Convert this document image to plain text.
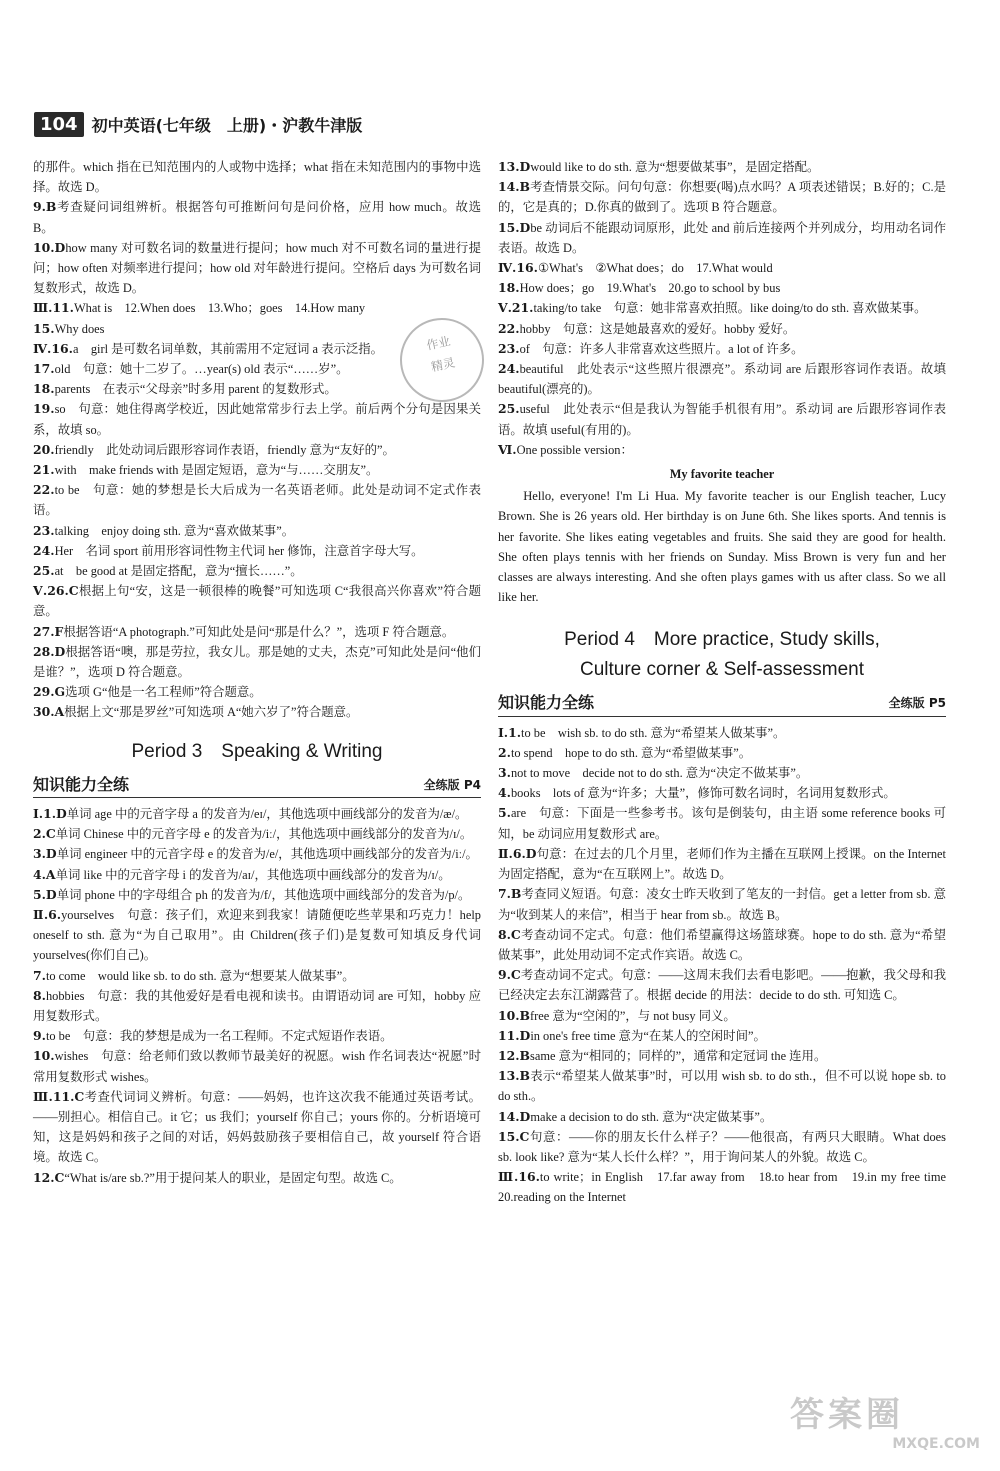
104 初中英语(七年级　上册)・沪教牛津版

的那件。which 指在已知范围内的人或物中选择；what 指在未知范围内的事物中选择。故选 D。

9.B考查疑问词组辨析。根据答句可推断问句是问价格，应用 how much。故选 B。

10.Dhow many 对可数名词的数量进行提问；how much 对不可数名词的量进行提问；how often 对频率进行提问；how old 对年龄进行提问。空格后 days 为可数名词复数形式，故选 D。

Ⅲ.11.What is　12.When does　13.Who；goes　14.How many

15.Why does

Ⅳ.16.a　girl 是可数名词单数，其前需用不定冠词 a 表示泛指。

17.old　句意：她十二岁了。…year(s) old 表示“……岁”。

18.parents　在表示“父母亲”时多用 parent 的复数形式。

19.so　句意：她住得离学校近，因此她常常步行去上学。前后两个分句是因果关系，故填 so。

20.friendly　此处动词后跟形容词作表语，friendly 意为“友好的”。

21.with　make friends with 是固定短语，意为“与……交朋友”。

22.to be　句意：她的梦想是长大后成为一名英语老师。此处是动词不定式作表语。

23.talking　enjoy doing sth. 意为“喜欢做某事”。

24.Her　名词 sport 前用形容词性物主代词 her 修饰，注意首字母大写。

25.at　be good at 是固定搭配，意为“擅长……”。

Ⅴ.26.C根据上句“安，这是一顿很棒的晚餐”可知选项 C“我很高兴你喜欢”符合题意。

27.F根据答语“A photograph.”可知此处是问“那是什么？”，选项 F 符合题意。

28.D根据答语“噢，那是劳拉，我女儿。那是她的丈夫，杰克”可知此处是问“他们是谁？”，选项 D 符合题意。

29.G选项 G“他是一名工程师”符合题意。

30.A根据上文“那是罗丝”可知选项 A“她六岁了”符合题意。

Period 3　Speaking & Writing
知识能力全练	全练版 P4

Ⅰ.1.D单词 age 中的元音字母 a 的发音为/eɪ/，其他选项中画线部分的发音为/æ/。

2.C单词 Chinese 中的元音字母 e 的发音为/iː/，其他选项中画线部分的发音为/ɪ/。

3.D单词 engineer 中的元音字母 e 的发音为/e/，其他选项中画线部分的发音为/iː/。

4.A单词 like 中的元音字母 i 的发音为/aɪ/，其他选项中画线部分的发音为/ɪ/。

5.D单词 phone 中的字母组合 ph 的发音为/f/，其他选项中画线部分的发音为/p/。

Ⅱ.6.yourselves　句意：孩子们，欢迎来到我家！请随便吃些苹果和巧克力！help oneself to sth. 意为“为自己取用”。由 Children(孩子们)是复数可知填反身代词 yourselves(你们自己)。

7.to come　would like sb. to do sth. 意为“想要某人做某事”。

8.hobbies　句意：我的其他爱好是看电视和读书。由谓语动词 are 可知，hobby 应用复数形式。

9.to be　句意：我的梦想是成为一名工程师。不定式短语作表语。

10.wishes　句意：给老师们致以教师节最美好的祝愿。wish 作名词表达“祝愿”时常用复数形式 wishes。

Ⅲ.11.C考查代词词义辨析。句意：——妈妈，也许这次我不能通过英语考试。——别担心。相信自己。it 它；us 我们；yourself 你自己；yours 你的。分析语境可知，这是妈妈和孩子之间的对话，妈妈鼓励孩子要相信自己，故 yourself 符合语境。故选 C。

12.C“What is/are sb.?”用于提问某人的职业，是固定句型。故选 C。

13.Dwould like to do sth. 意为“想要做某事”，是固定搭配。

14.B考查情景交际。问句句意：你想要(喝)点水吗？A 项表述错误；B.好的；C.是的，它是真的；D.你真的做到了。选项 B 符合题意。

15.Dbe 动词后不能跟动词原形，此处 and 前后连接两个并列成分，均用动名词作表语。故选 D。

Ⅳ.16.①What's　②What does；do　17.What would

18.How does；go　19.What's　20.go to school by bus

Ⅴ.21.taking/to take　句意：她非常喜欢拍照。like doing/to do sth. 喜欢做某事。

22.hobby　句意：这是她最喜欢的爱好。hobby 爱好。

23.of　句意：许多人非常喜欢这些照片。a lot of 许多。

24.beautiful　此处表示“这些照片很漂亮”。系动词 are 后跟形容词作表语。故填 beautiful(漂亮的)。

25.useful　此处表示“但是我认为智能手机很有用”。系动词 are 后跟形容词作表语。故填 useful(有用的)。

Ⅵ.One possible version：

My favorite teacher

Hello, everyone! I'm Li Hua. My favorite teacher is our English teacher, Lucy Brown. She is 26 years old. Her birthday is on June 6th. She likes sports. And tennis is her favorite. She likes eating vegetables and fruits. She said they are good for health. She often plays tennis with her friends on Sunday. Miss Brown is very fun and her classes are always interesting. And she often plays games with us after class. So we all like her.

Period 4　More practice, Study skills,
Culture corner & Self-assessment
知识能力全练	全练版 P5

Ⅰ.1.to be　wish sb. to do sth. 意为“希望某人做某事”。

2.to spend　hope to do sth. 意为“希望做某事”。

3.not to move　decide not to do sth. 意为“决定不做某事”。

4.books　lots of 意为“许多；大量”，修饰可数名词时，名词用复数形式。

5.are　句意：下面是一些参考书。该句是倒装句，由主语 some reference books 可知，be 动词应用复数形式 are。

Ⅱ.6.D句意：在过去的几个月里，老师们作为主播在互联网上授课。on the Internet 为固定搭配，意为“在互联网上”。故选 D。

7.B考查同义短语。句意：凌女士昨天收到了笔友的一封信。get a letter from sb. 意为“收到某人的来信”，相当于 hear from sb.。故选 B。

8.C考查动词不定式。句意：他们希望赢得这场篮球赛。hope to do sth. 意为“希望做某事”，此处用动词不定式作宾语。故选 C。

9.C考查动词不定式。句意：——这周末我们去看电影吧。——抱歉，我父母和我已经决定去东江湖露营了。根据 decide 的用法：decide to do sth. 可知选 C。

10.Bfree 意为“空闲的”，与 not busy 同义。

11.Din one's free time 意为“在某人的空闲时间”。

12.Bsame 意为“相同的；同样的”，通常和定冠词 the 连用。

13.B表示“希望某人做某事”时，可以用 wish sb. to do sth.，但不可以说 hope sb. to do sth.。

14.Dmake a decision to do sth. 意为“决定做某事”。

15.C句意：——你的朋友长什么样子？——他很高，有两只大眼睛。What does sb. look like? 意为“某人长什么样？”，用于询问某人的外貌。故选 C。

Ⅲ.16.to write；in English　17.far away from　18.to hear from　19.in my free time　20.reading on the Internet

作业
精灵
答案圈
MXQE.COM
